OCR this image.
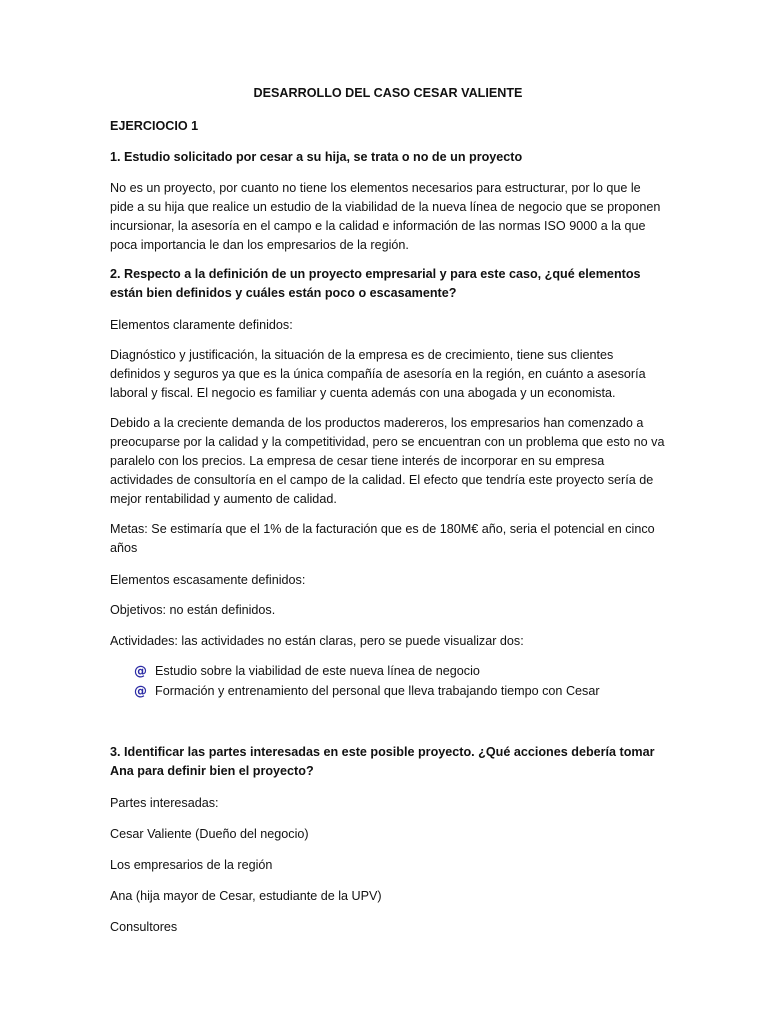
DESARROLLO DEL CASO CESAR VALIENTE

EJERCIOCIO 1

1. Estudio solicitado por cesar a su hija, se trata o no de un proyecto

No es un proyecto, por cuanto no tiene los elementos necesarios para estructurar, por lo que le pide a su hija que realice un estudio de la viabilidad de la nueva línea de negocio que se proponen incursionar, la asesoría en el campo e la calidad e información de las normas ISO 9000 a la que poca importancia le dan los empresarios de la región.

2. Respecto a la definición de un proyecto empresarial y para este caso, ¿qué elementos están bien definidos y cuáles están poco o escasamente?

Elementos claramente definidos:

Diagnóstico y justificación, la situación de la empresa es de crecimiento, tiene sus clientes definidos y seguros ya que es la única compañía de asesoría en la región, en cuánto a asesoría laboral y fiscal. El negocio es familiar y cuenta además con una abogada y un economista.

Debido a la creciente demanda de los productos madereros, los empresarios han comenzado a preocuparse por la calidad y la competitividad, pero se encuentran con un problema que esto no va paralelo con los precios. La empresa de cesar tiene interés de incorporar en su empresa actividades de consultoría en el campo de la calidad. El efecto que tendría este proyecto sería de mejor rentabilidad y aumento de calidad.

Metas: Se estimaría que el 1% de la facturación que es de 180M€ año, seria el potencial en cinco años

Elementos escasamente definidos:

Objetivos: no están definidos.

Actividades: las actividades no están claras, pero se puede visualizar dos:

@ Estudio sobre la viabilidad de este nueva línea de negocio
@ Formación y entrenamiento del personal que lleva trabajando tiempo con Cesar

3. Identificar las partes interesadas en este posible proyecto. ¿Qué acciones debería tomar Ana para definir bien el proyecto?

Partes interesadas:

Cesar Valiente (Dueño del negocio)

Los empresarios de la región

Ana (hija mayor de Cesar, estudiante de la UPV)

Consultores
